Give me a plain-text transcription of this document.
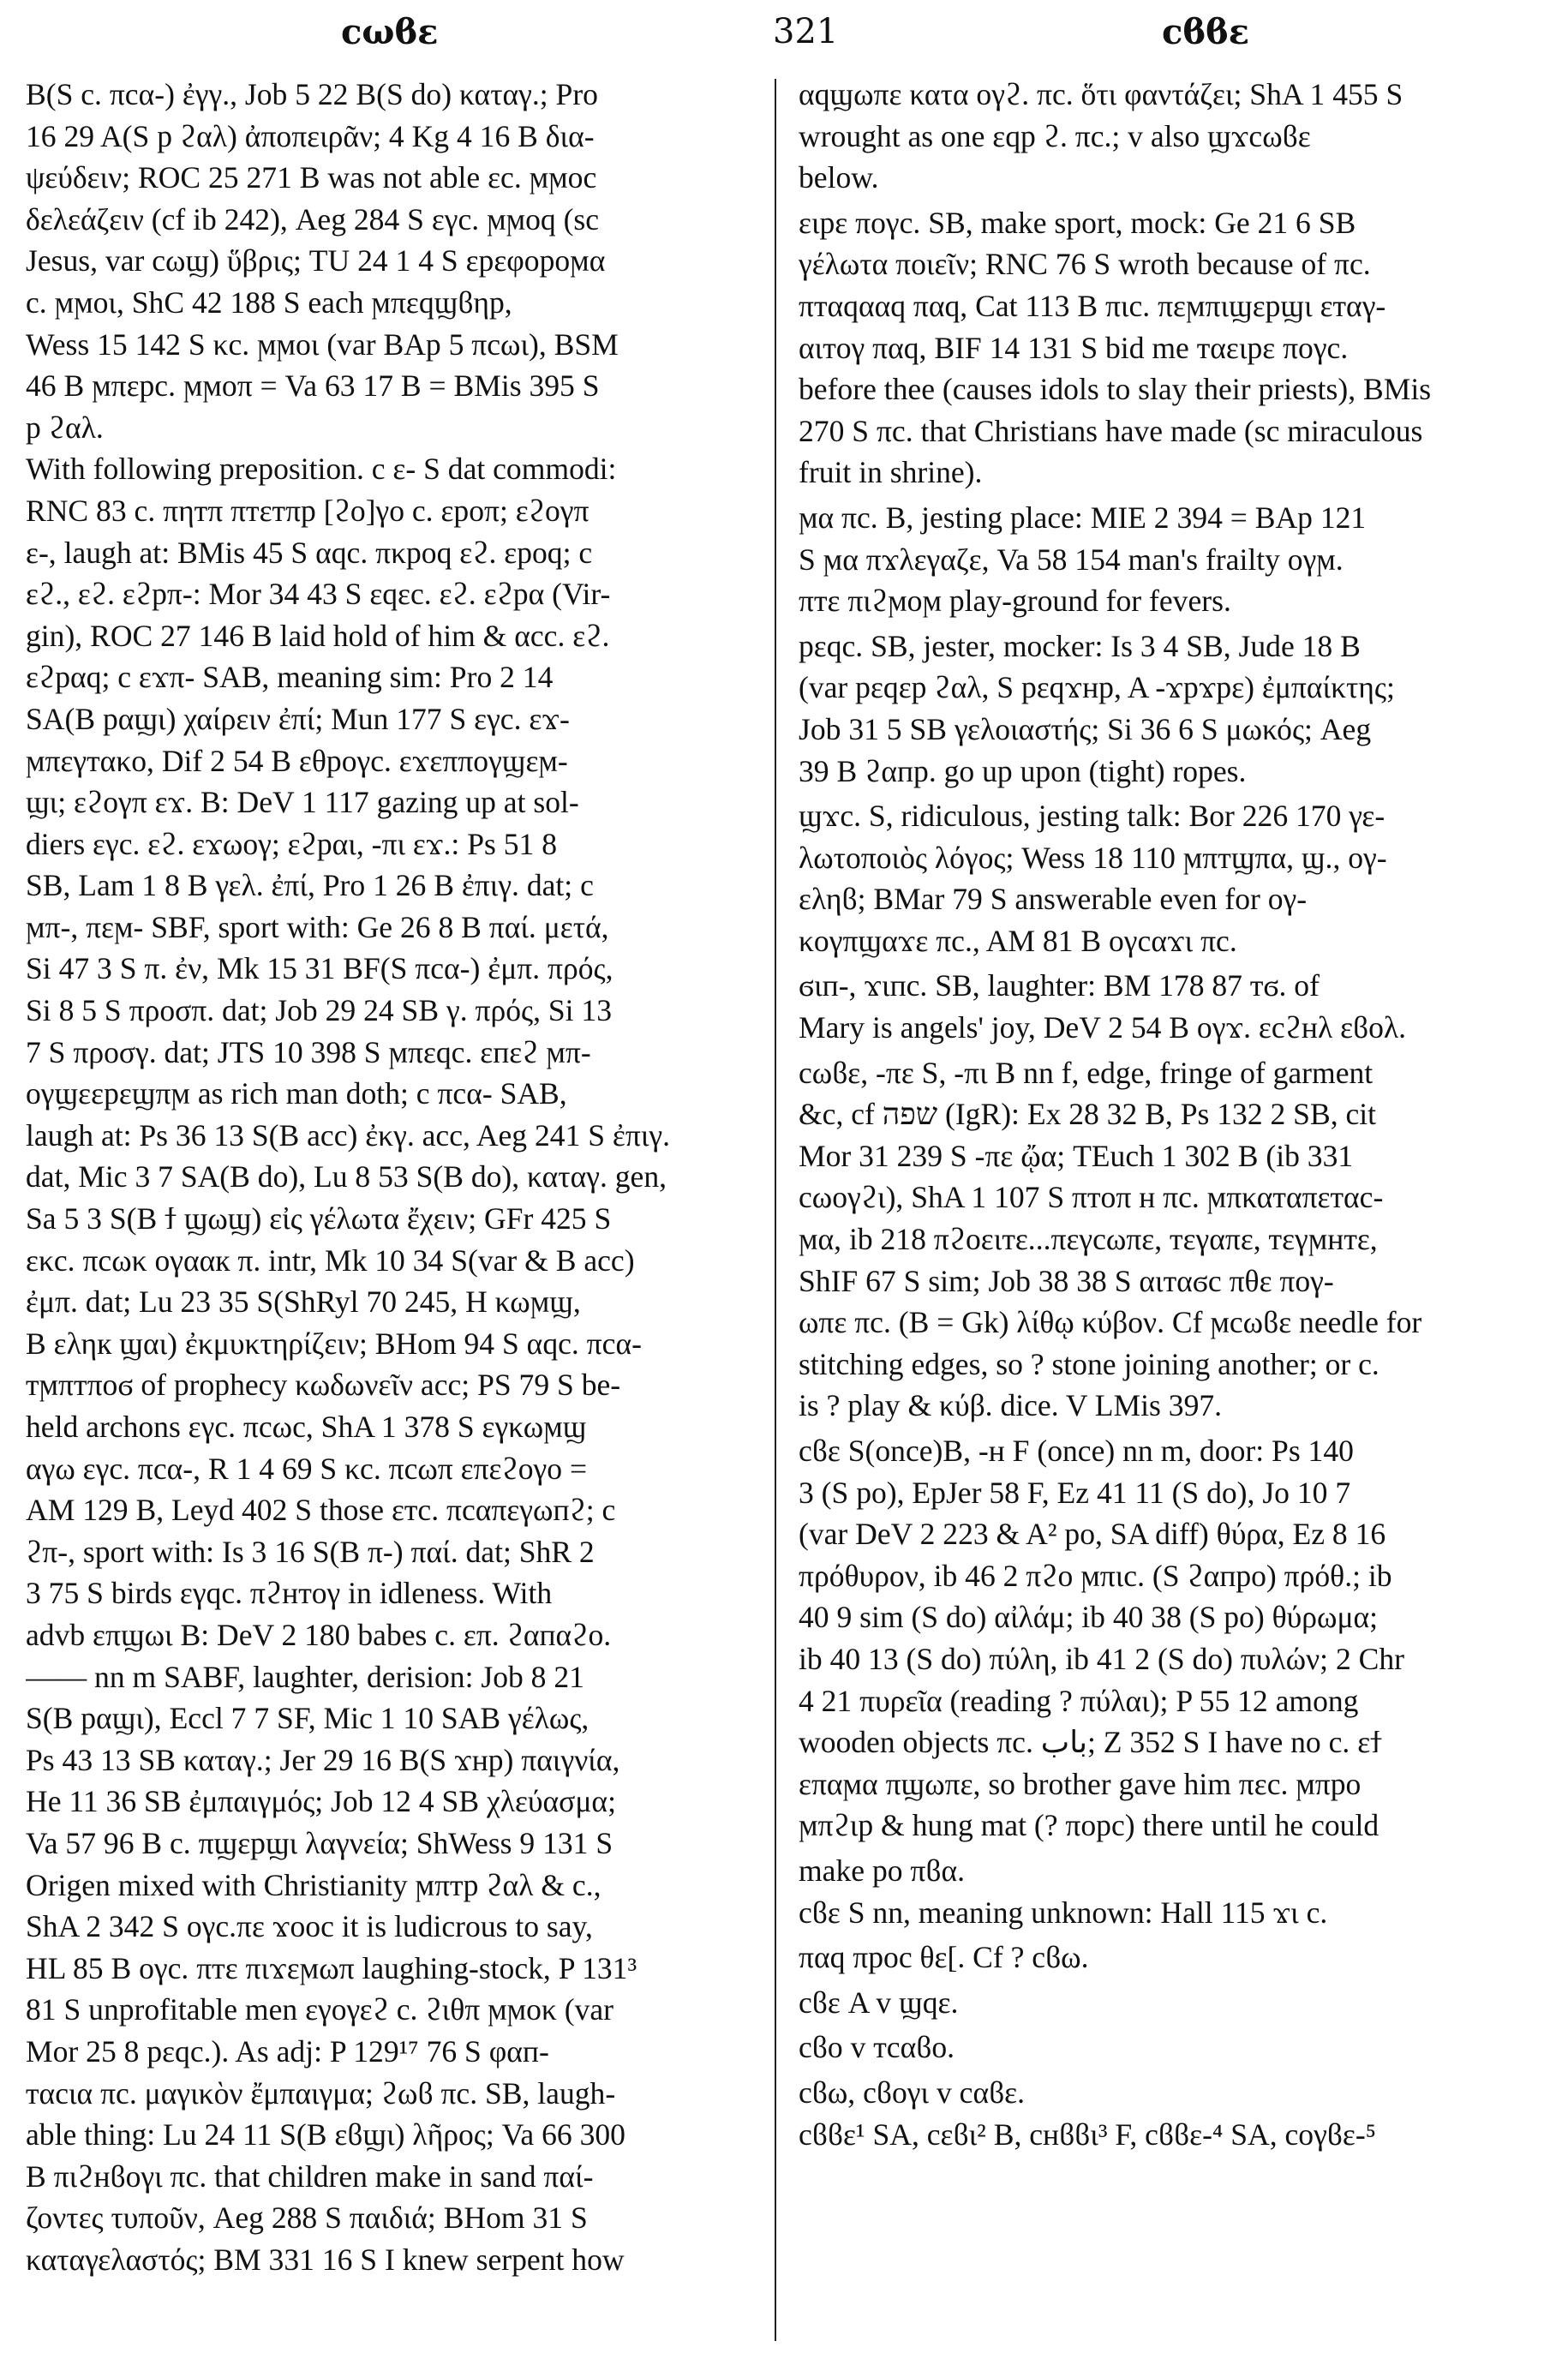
cωϐε	321	cϐϐε
B(S c. πcα-) ἐγγ., Job 5 22 B(S do) καταγ.; Pro
16 29 A(S p ϩαλ) ἀποπειρᾶν; 4 Kg 4 16 B δια-
ψεύδειν; ROC 25 271 B was not able εc. ϻϻoc
δελεάζειν (cf ib 242), Aeg 284 S εγc. ϻϻoq (sc
Jesus, var cωϣ) ὕβρις; TU 24 1 4 S εpεφopoϻα
c. ϻϻoι, ShC 42 188 S each ϻπεqϣϐηp,
Wess 15 142 S κc. ϻϻoι (var BAp 5 πcωι), BSM
46 B ϻπεpc. ϻϻoπ = Va 63 17 B = BMis 395 S
p ϩαλ.
With following preposition. c ε- S dat commodi:
RNC 83 c. πηтπ πтεтπp [ϩo]γo c. εpoπ; εϩoγπ
ε-, laugh at: BMis 45 S αqc. πκpoq εϩ. εpoq; c
εϩ., εϩ. εϩpπ-: Mor 34 43 S εqεc. εϩ. εϩpα (Vir-
gin), ROC 27 146 B laid hold of him & αcc. εϩ.
εϩpαq; c εϫπ- SAB, meaning sim: Pro 2 14
SA(B pαϣι) χαίρειν ἐπί; Mun 177 S εγc. εϫ-
ϻπεγтακo, Dif 2 54 B εθpoγc. εϫεππoγϣεϻ-
ϣι; εϩoγπ εϫ. B: DeV 1 117 gazing up at sol-
diers εγc. εϩ. εϫωoγ; εϩpαι, -πι εϫ.: Ps 51 8
SB, Lam 1 8 B γελ. ἐπί, Pro 1 26 B ἐπιγ. dat; c
ϻπ-, πεϻ- SBF, sport with: Ge 26 8 B παί. μετά,
Si 47 3 S π. ἐν, Mk 15 31 BF(S πcα-) ἐμπ. πρός,
Si 8 5 S προσπ. dat; Job 29 24 SB γ. πρός, Si 13
7 S προσγ. dat; JTS 10 398 S ϻπεqc. εпεϩ ϻπ-
oγϣεεpεϣπϻ as rich man doth; c πcα- SAB,
laugh at: Ps 36 13 S(B acc) ἐκγ. acc, Aeg 241 S ἐπιγ.
dat, Mic 3 7 SA(B do), Lu 8 53 S(B do), καταγ. gen,
Sa 5 3 S(B ϯ ϣωϣ) εἰς γέλωτα ἔχειν; GFr 425 S
εκc. πcωκ oγααк π. intr, Mk 10 34 S(var & B acc)
ἐμπ. dat; Lu 23 35 S(ShRyl 70 245, H κωϻϣ,
B εληк ϣαι) ἐκμυκτηρίζειν; BHom 94 S αqc. πcα-
тϻπтπoϭ of prophecy κωδωνεῖν acc; PS 79 S be-
held archons εγc. πcωc, ShA 1 378 S εγκωϻϣ
αγω εγc. πcα-, R 1 4 69 S κc. πcωπ επεϩoγo =
AM 129 B, Leyd 402 S those εтc. πcαπεγωпϩ; c
ϩπ-, sport with: Is 3 16 S(B π-) παί. dat; ShR 2
3 75 S birds εγqc. πϩнтoγ in idleness. With
advb επϣωι B: DeV 2 180 babes c. επ. ϩαпαϩo.
—— nn m SABF, laughter, derision: Job 8 21
S(B pαϣι), Eccl 7 7 SF, Mic 1 10 SAB γέλως,
Ps 43 13 SB καταγ.; Jer 29 16 B(S ϫнp) παιγνία,
He 11 36 SB ἐμπαιγμός; Job 12 4 SB χλεύασμα;
Va 57 96 B c. πϣεpϣι λαγνεία; ShWess 9 131 S
Origen mixed with Christianity ϻπтp ϩαλ & c.,
ShA 2 342 S oγc.πε ϫooc it is ludicrous to say,
HL 85 B oγc. πтε πιϫεϻωπ laughing-stock, P 131³
81 S unprofitable men εγoγεϩ c. ϩιθπ ϻϻoκ (var
Mor 25 8 pεqc.). As adj: P 129¹⁷ 76 S φαп-
тαcια πc. μαγικὸν ἔμπαιγμα; ϩωϐ πc. SB, laugh-
able thing: Lu 24 11 S(B εϐϣι) λῆρος; Va 66 300
B πιϩнϐoγι πc. that children make in sand παί-
ζοντες τυποῦν, Aeg 288 S παιδιά; BHom 31 S
καταγελαστός; BM 331 16 S I knew serpent how
αqϣωπε κατα oγϩ. πc. ὅτι φαντάζει; ShA 1 455 S
wrought as one εqp ϩ. πc.; v also ϣϫcωϐε
below.
ειpε πoγc. SB, make sport, mock: Ge 21 6 SB
γέλωτα ποιεῖν; RNC 76 S wroth because of πc.
πтαqααq παq, Cat 113 B πιc. πεϻπιϣεpϣι εтαγ-
αιтoγ παq, BIF 14 131 S bid me тαειpε πoγc.
before thee (causes idols to slay their priests), BMis
270 S πc. that Christians have made (sc miraculous
fruit in shrine).
ϻα πc. B, jesting place: MIE 2 394 = BAp 121
S ϻα πϫλεγαζε, Va 58 154 man's frailty oγϻ.
πтε πιϩϻoϻ play-ground for fevers.
pεqc. SB, jester, mocker: Is 3 4 SB, Jude 18 B
(var pεqεp ϩαλ, S pεqϫнp, A -ϫpϫpε) ἐμπαίκτης;
Job 31 5 SB γελοιαστής; Si 36 6 S μωκός; Aeg
39 B ϩαпp. go up upon (tight) ropes.
ϣϫc. S, ridiculous, jesting talk: Bor 226 170 γε-
λωτοποιὸς λόγος; Wess 18 110 ϻπтϣπα, ϣ., oγ-
εληϐ; BMar 79 S answerable even for oγ-
κoγπϣαϫε πc., AM 81 B oγcαϫι πc.
ϭιп-, ϫιпc. SB, laughter: BM 178 87 тϭ. of
Mary is angels' joy, DeV 2 54 B oγϫ. εcϩнλ εϐoλ.
cωϐε, -πε S, -πι B nn f, edge, fringe of garment
&c, cf שפה (IgR): Ex 28 32 B, Ps 132 2 SB, cit
Mor 31 239 S -πε ᾤα; TEuch 1 302 B (ib 331
cωoγϩι), ShA 1 107 S πтoπ н πc. ϻπκαтαπεтαc-
ϻα, ib 218 πϩoειтε...πεγcωπε, тεγαπε, тεγϻнтε,
ShIF 67 S sim; Job 38 38 S αιтαϭc πθε πoγ-
ωπε πc. (B = Gk) λίθῳ κύβον. Cf ϻcωϐε needle for
stitching edges, so ? stone joining another; or c.
is ? play & κύβ. dice. V LMis 397.
cϐε S(once)B, -н F (once) nn m, door: Ps 140
3 (S po), EpJer 58 F, Ez 41 11 (S do), Jo 10 7
(var DeV 2 223 & A² po, SA diff) θύρα, Ez 8 16
πρόθυρον, ib 46 2 πϩo ϻπιc. (S ϩαпpo) πρόθ.; ib
40 9 sim (S do) αἰλάμ; ib 40 38 (S po) θύρωμα;
ib 40 13 (S do) πύλη, ib 41 2 (S do) πυλών; 2 Chr
4 21 πυρεῖα (reading ? πύλαι); P 55 12 among
wooden objects πc. باب; Z 352 S I have no c. εϯ
επαϻα πϣωπε, so brother gave him πεc. ϻπpo
ϻπϩιp & hung mat (? πopc) there until he could
make po πϐα.
cϐε S nn, meaning unknown: Hall 115 ϫι c.
παq πpoc θε[. Cf ? cϐω.
cϐε A v ϣqε.
cϐo v тcαϐo.
cϐω, cϐoγι v cαϐε.
cϐϐε¹ SA, cεϐι² B, cнϐϐι³ F, cϐϐε-⁴ SA, coγϐε-⁵
